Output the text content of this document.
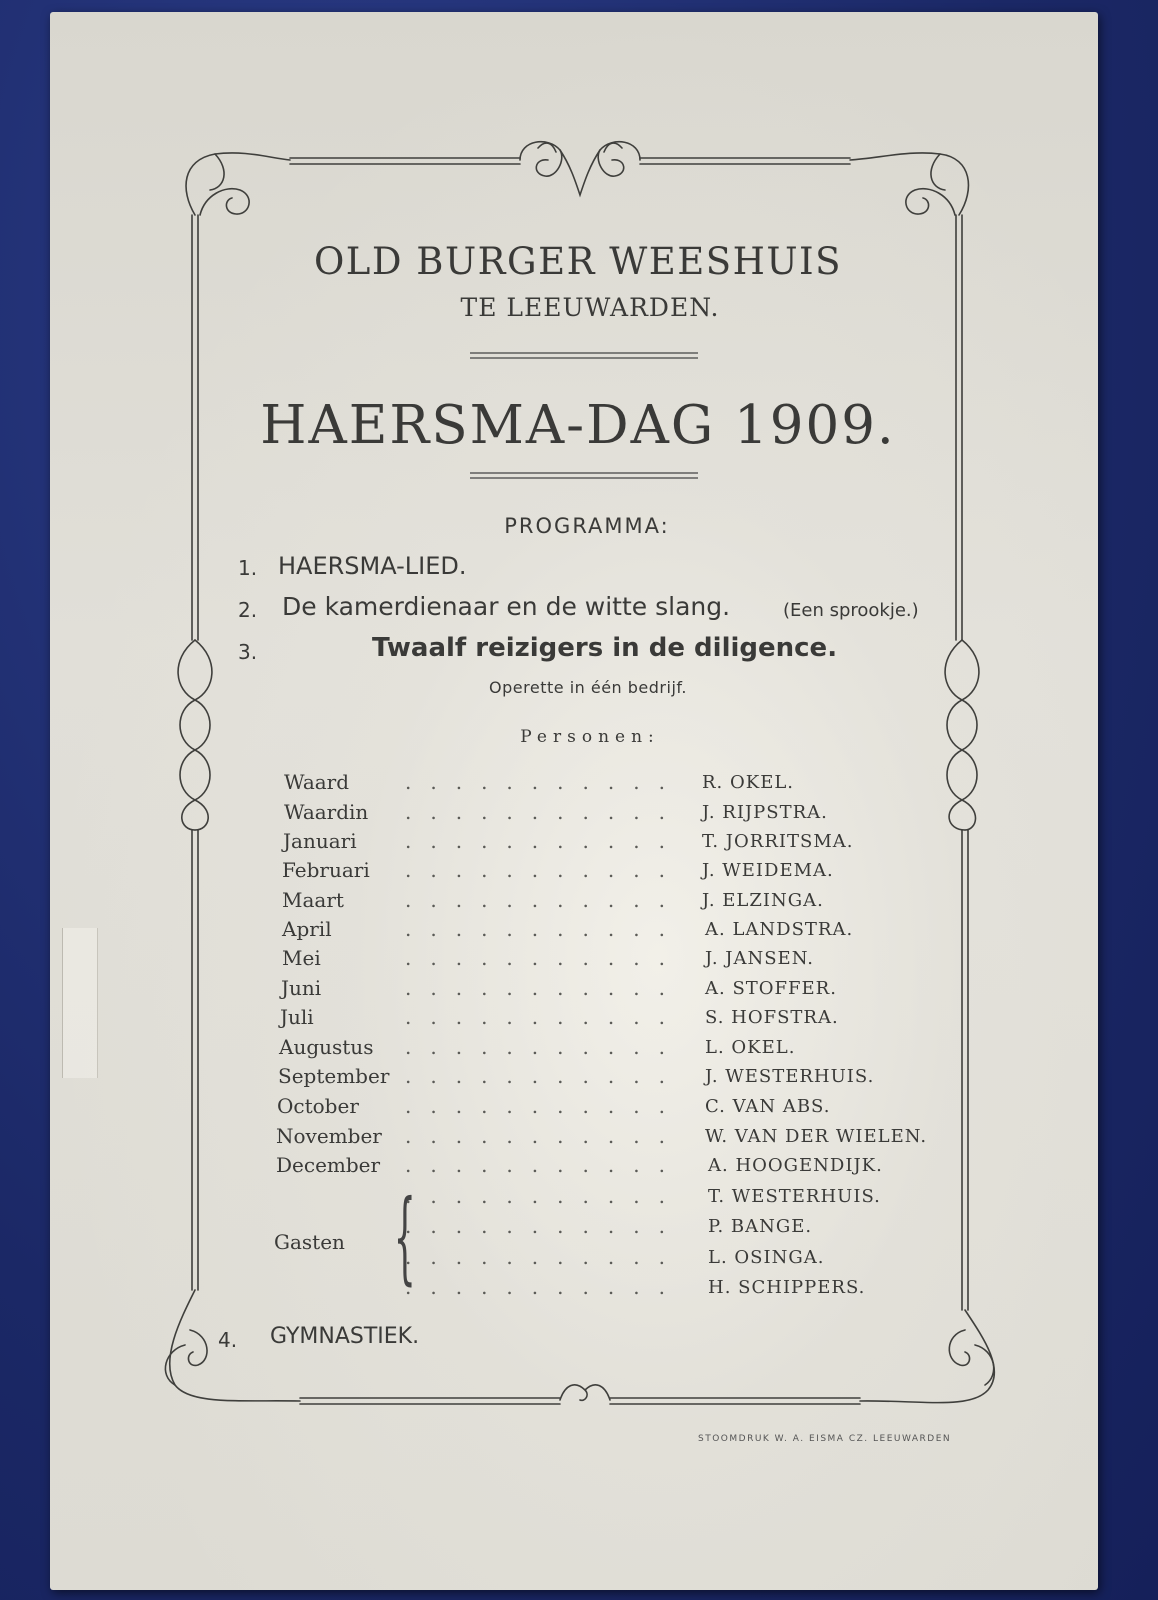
OLD BURGER WEESHUIS
TE LEEUWARDEN.
HAERSMA-DAG 1909.
PROGRAMMA:
1. HAERSMA-LIED.
2. De kamerdienaar en de witte slang.	(Een sprookje.)
3.	Twaalf reizigers in de diligence.
Operette in één bedrijf.
Personen:
Waard	........... R. OKEL.
Waardin ........... J. RIJPSTRA.
Januari ........... T. JORRITSMA.
Februari ........... J. WEIDEMA.
Maart	........... J. ELZINGA.
April	........... A. LANDSTRA.
Mei	........... J. JANSEN.
Juni	........... A. STOFFER.
Juli	........... S. HOFSTRA.
Augustus ........... L. OKEL.
September ........... J. WESTERHUIS.
October ........... C. VAN ABS.
November ........... W. VAN DER WIELEN.
December ........... A. HOOGENDIJK.
Gasten {
........... T. WESTERHUIS.
........... P. BANGE.
........... L. OSINGA.
........... H. SCHIPPERS.
4. GYMNASTIEK.
STOOMDRUK W. A. EISMA CZ. LEEUWARDEN
